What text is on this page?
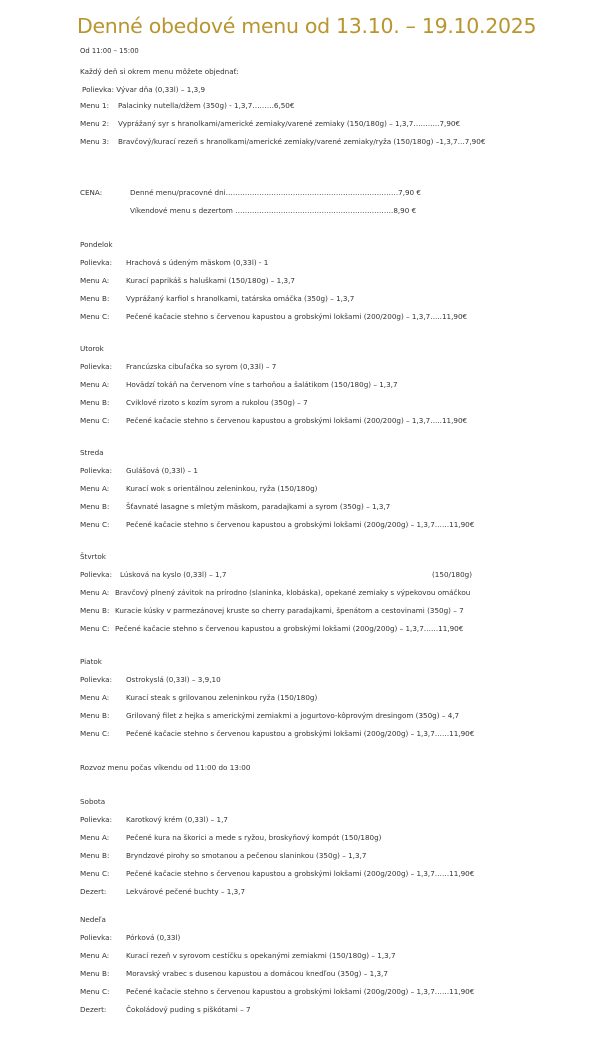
Denné obedové menu od 13.10. – 19.10.2025
Od 11:00 – 15:00
Každý deň si okrem menu môžete objednať:
Polievka: Vývar dňa (0,33l) – 1,3,9
Menu 1: Palacinky nutella/džem (350g) - 1,3,7………6,50€
Menu 2: Vyprážaný syr s hranolkami/americké zemiaky/varené zemiaky (150/180g) – 1,3,7………..7,90€
Menu 3: Bravčový/kurací rezeň s hranolkami/americké zemiaky/varené zemiaky/ryža (150/180g) –1,3,7…7,90€
CENA:	Denné menu/pracovné dni………………………………………………………………7,90 €
Víkendové menu s dezertom …………………………………………………………8,90 €
Pondelok
Polievka: Hrachová s údeným mäskom (0,33l) - 1
Menu A: Kurací paprikáš s haluškami (150/180g) – 1,3,7
Menu B: Vyprážaný karfiol s hranolkami, tatárska omáčka (350g) – 1,3,7
Menu C: Pečené kačacie stehno s červenou kapustou a grobskými lokšami (200/200g) – 1,3,7…..11,90€
Utorok
Polievka: Francúzska cibuľačka so syrom (0,33l) – 7
Menu A: Hovädzí tokáň na červenom víne s tarhoňou a šalátikom (150/180g) – 1,3,7
Menu B: Cviklové rizoto s kozím syrom a rukolou (350g) – 7
Menu C: Pečené kačacie stehno s červenou kapustou a grobskými lokšami (200/200g) – 1,3,7…..11,90€
Streda
Polievka: Gulášová (0,33l) – 1
Menu A: Kurací wok s orientálnou zeleninkou, ryža (150/180g)
Menu B: Šťavnaté lasagne s mletým mäskom, paradajkami a syrom (350g) – 1,3,7
Menu C: Pečené kačacie stehno s červenou kapustou a grobskými lokšami (200g/200g) – 1,3,7……11,90€
Štvrtok
Polievka: Lúsková na kyslo (0,33l) – 1,7	(150/180g)
Menu A: Bravčový plnený závitok na prírodno (slaninka, klobáska), opekané zemiaky s výpekovou omáčkou
Menu B: Kuracie kúsky v parmezánovej kruste so cherry paradajkami, špenátom a cestovinami (350g) – 7
Menu C: Pečené kačacie stehno s červenou kapustou a grobskými lokšami (200g/200g) – 1,3,7……11,90€
Piatok
Polievka: Ostrokyslá (0,33l) – 3,9,10
Menu A: Kurací steak s grilovanou zeleninkou ryža (150/180g)
Menu B: Grilovaný filet z hejka s americkými zemiakmi a jogurtovo-kôprovým dresingom (350g) – 4,7
Menu C: Pečené kačacie stehno s červenou kapustou a grobskými lokšami (200g/200g) – 1,3,7……11,90€
Sobota
Polievka: Karotkový krém (0,33l) – 1,7
Menu A: Pečené kura na škorici a mede s ryžou, broskyňový kompót (150/180g)
Menu B: Bryndzové pirohy so smotanou a pečenou slaninkou (350g) – 1,3,7
Menu C: Pečené kačacie stehno s červenou kapustou a grobskými lokšami (200g/200g) – 1,3,7……11,90€
Dezert:	Lekvárové pečené buchty – 1,3,7
Nedeľa
Polievka: Pórková (0,33l)
Menu A: Kurací rezeň v syrovom cestíčku s opekanými zemiakmi (150/180g) – 1,3,7
Menu B: Moravský vrabec s dusenou kapustou a domácou knedľou (350g) – 1,3,7
Menu C: Pečené kačacie stehno s červenou kapustou a grobskými lokšami (200g/200g) – 1,3,7……11,90€
Dezert:	Čokoládový puding s piškótami – 7
Rozvoz menu počas víkendu od 11:00 do 13:00
